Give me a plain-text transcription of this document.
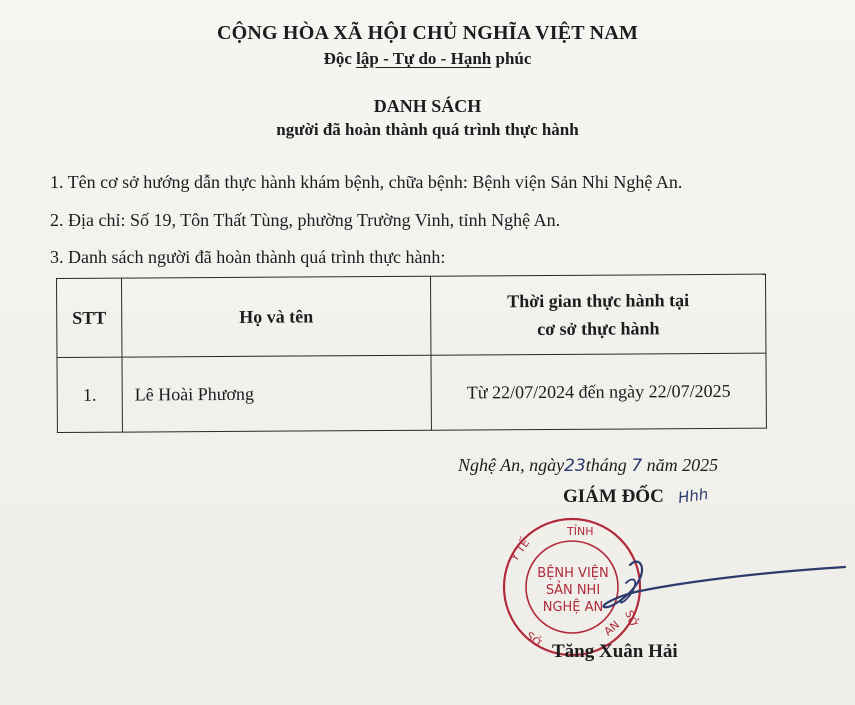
CỘNG HÒA XÃ HỘI CHỦ NGHĨA VIỆT NAM
Độc lập - Tự do - Hạnh phúc
DANH SÁCH
người đã hoàn thành quá trình thực hành
1. Tên cơ sở hướng dẫn thực hành khám bệnh, chữa bệnh: Bệnh viện Sản Nhi Nghệ An.
2. Địa chỉ: Số 19, Tôn Thất Tùng, phường Trường Vinh, tỉnh Nghệ An.
3. Danh sách người đã hoàn thành quá trình thực hành:
STT	Họ và tên	Thời gian thực hành tại
cơ sở thực hành
1.	Lê Hoài Phương	Từ 22/07/2024 đến ngày 22/07/2025
Nghệ An, ngày23tháng 7 năm 2025
GIÁM ĐỐC Hhh
TỈNH
Y TẾ
SỞ
SỞ
AN
BỆNH VIỆN
SẢN NHI
NGHỆ AN
Tăng Xuân Hải
